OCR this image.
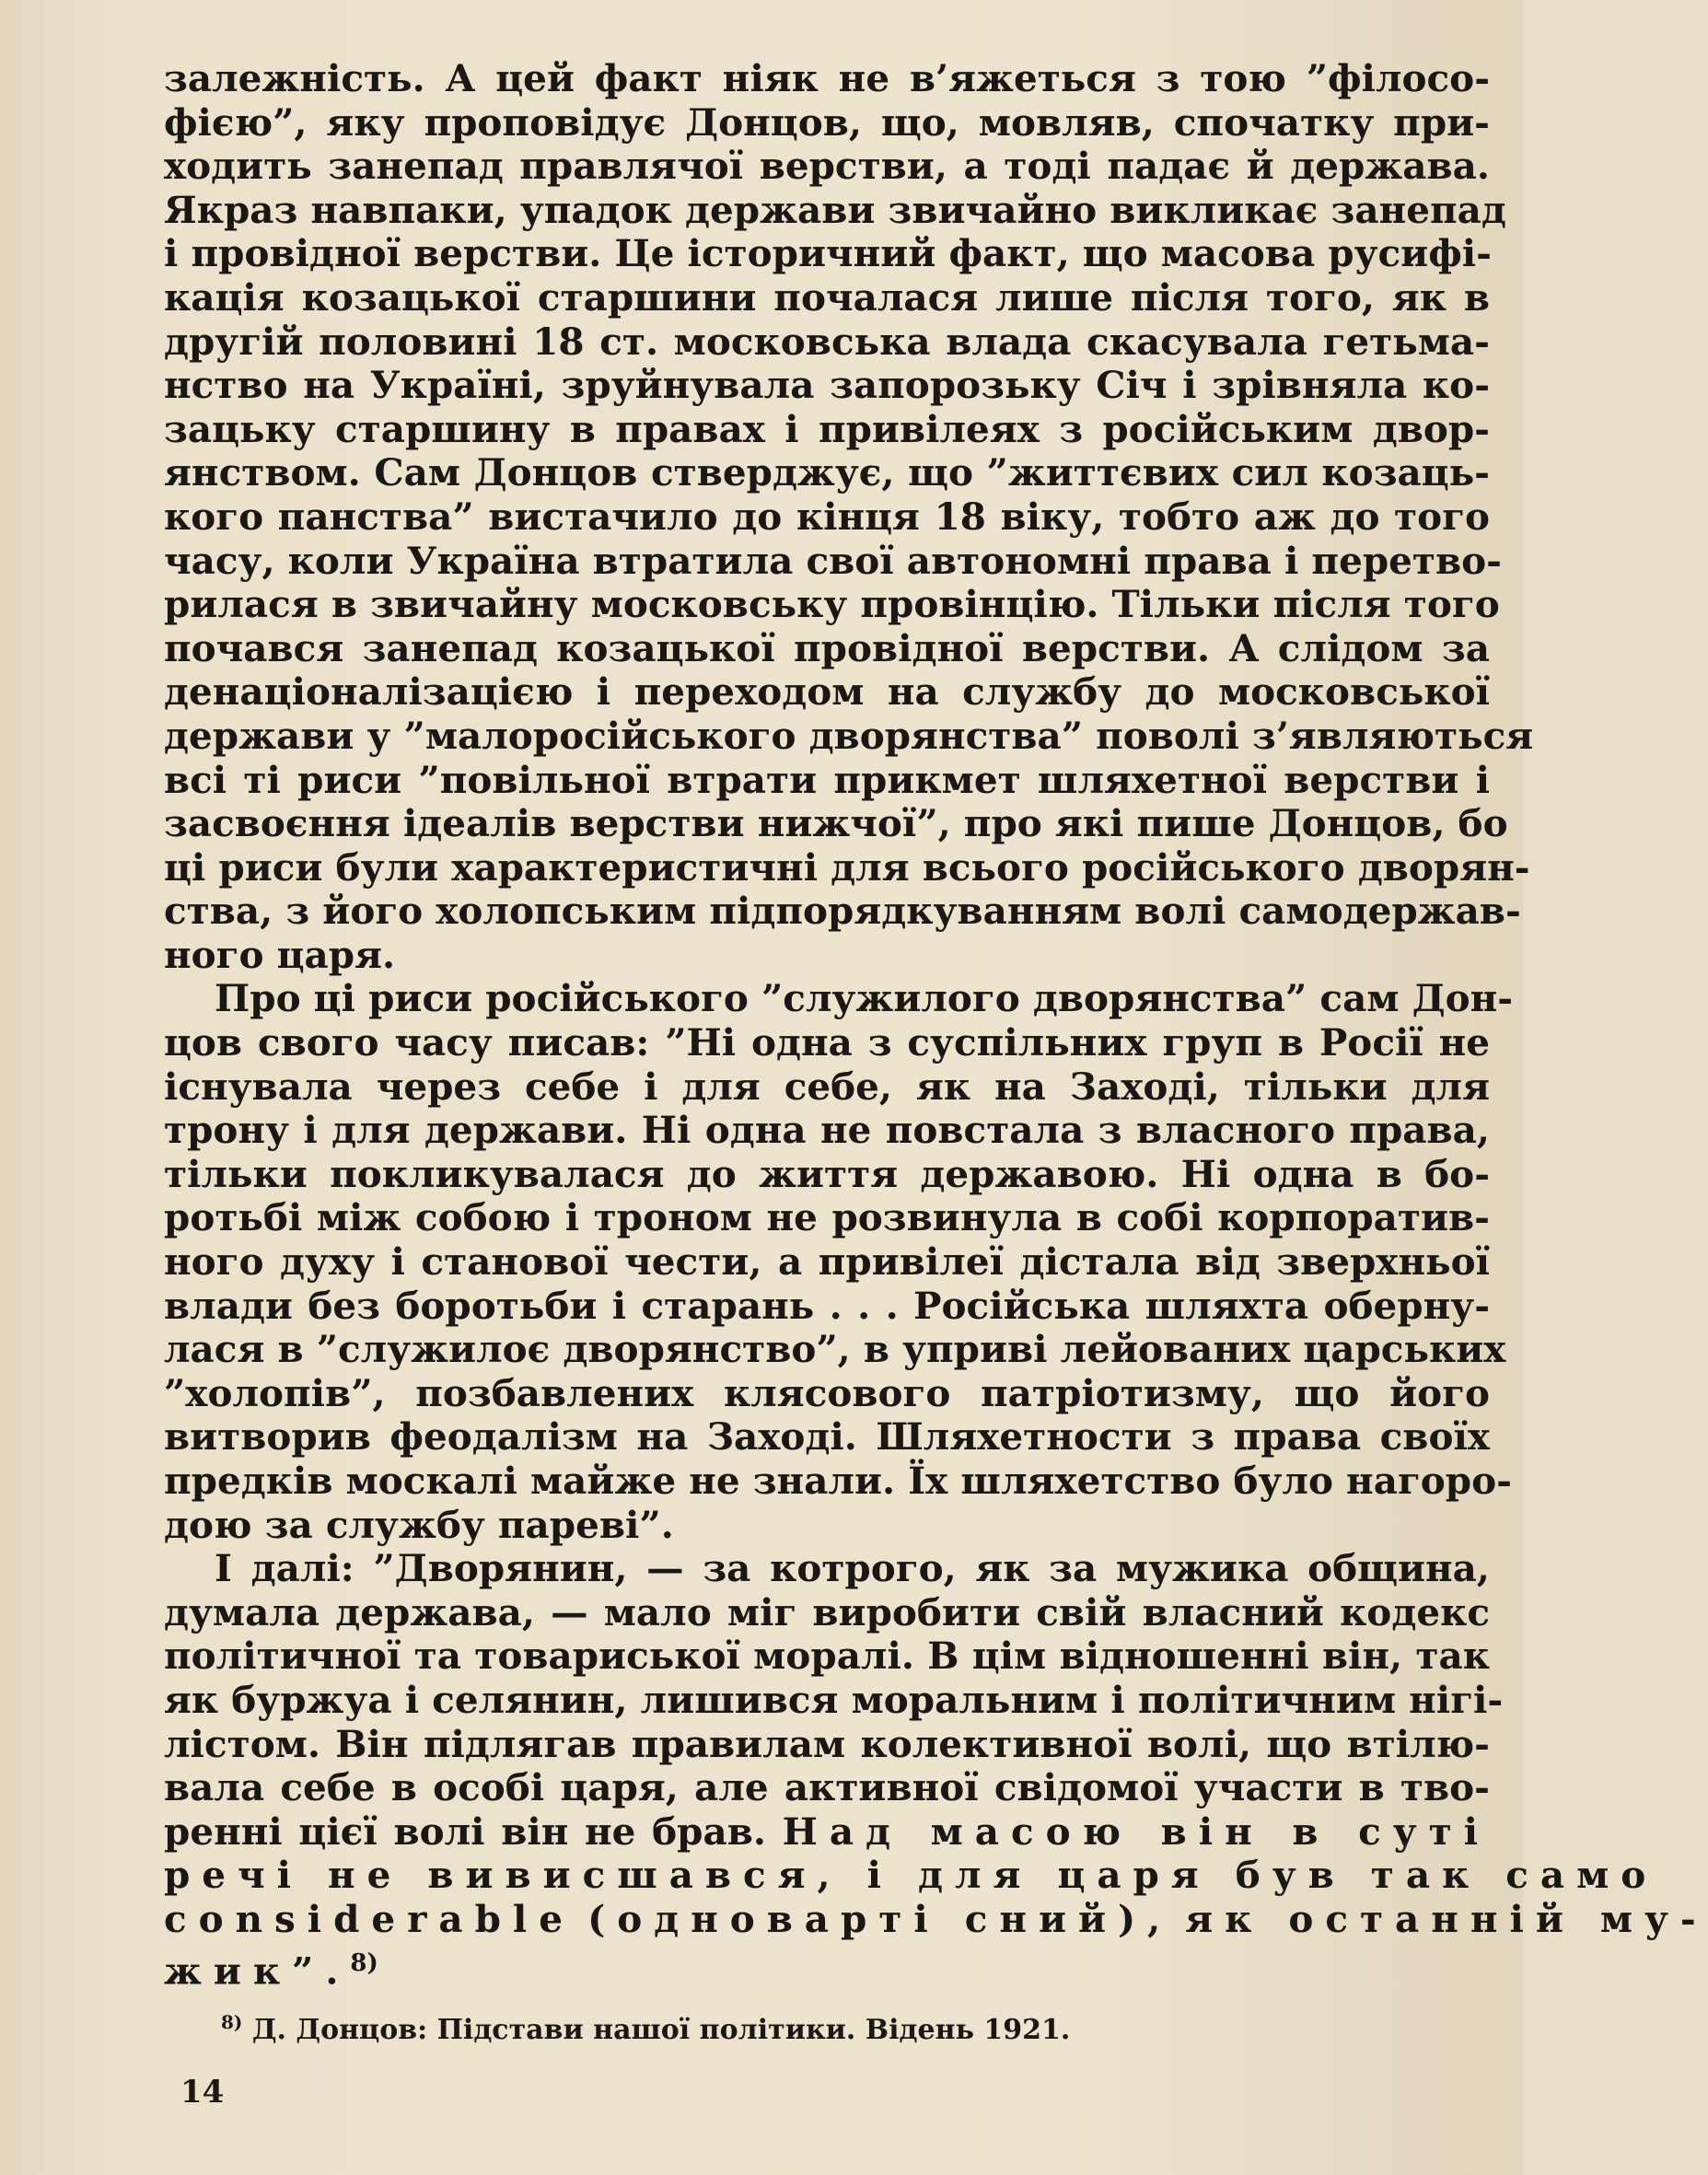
залежність. А цей факт ніяк не в’яжеться з тою ”філосо-
фією”, яку проповідує Донцов, що, мовляв, спочатку при-
ходить занепад правлячої верстви, а тоді падає й держава.
Якраз навпаки, упадок держави звичайно викликає занепад
і провідної верстви. Це історичний факт, що масова русифі-
кація козацької старшини почалася лише після того, як в
другій половині 18 ст. московська влада скасувала гетьма-
нство на Україні, зруйнувала запорозьку Січ і зрівняла ко-
зацьку старшину в правах і привілеях з російським двор-
янством. Сам Донцов стверджує, що ”життєвих сил козаць-
кого панства” вистачило до кінця 18 віку, тобто аж до того
часу, коли Україна втратила свої автономні права і перетво-
рилася в звичайну московську провінцію. Тільки після того
почався занепад козацької провідної верстви. А слідом за
денаціоналізацією і переходом на службу до московської
держави у ”малоросійського дворянства” поволі з’являються
всі ті риси ”повільної втрати прикмет шляхетної верстви і
засвоєння ідеалів верстви нижчої”, про які пише Донцов, бо
ці риси були характеристичні для всього російського дворян-
ства, з його холопським підпорядкуванням волі самодержав-
ного царя.
Про ці риси російського ”служилого дворянства” сам Дон-
цов свого часу писав: ”Ні одна з суспільних груп в Росії не
існувала через себе і для себе, як на Заході, тільки для
трону і для держави. Ні одна не повстала з власного права,
тільки покликувалася до життя державою. Ні одна в бо-
ротьбі між собою і троном не розвинула в собі корпоратив-
ного духу і станової чести, а привілеї дістала від зверхньої
влади без боротьби і старань . . . Російська шляхта оберну-
лася в ”служилоє дворянство”, в уприві лейованих царських
”холопів”, позбавлених клясового патріотизму, що його
витворив феодалізм на Заході. Шляхетности з права своїх
предків москалі майже не знали. Їх шляхетство було нагоро-
дою за службу пареві”.
І далі: ”Дворянин, — за котрого, як за мужика община,
думала держава, — мало міг виробити свій власний кодекс
політичної та товариської моралі. В цім відношенні він, так
як буржуа і селянин, лишився моральним і політичним нігі-
лістом. Він підлягав правилам колективної волі, що втілю-
вала себе в особі царя, але активної свідомої участи в тво-
ренні цієї волі він не брав. Над масою він в суті
речі не вивисшався, і для царя був так само
considerable (одноварті сний), як останній му-
жик”.$^{8)}$
$^{8)}$ Д. Донцов: Підстави нашої політики. Відень 1921.
14
